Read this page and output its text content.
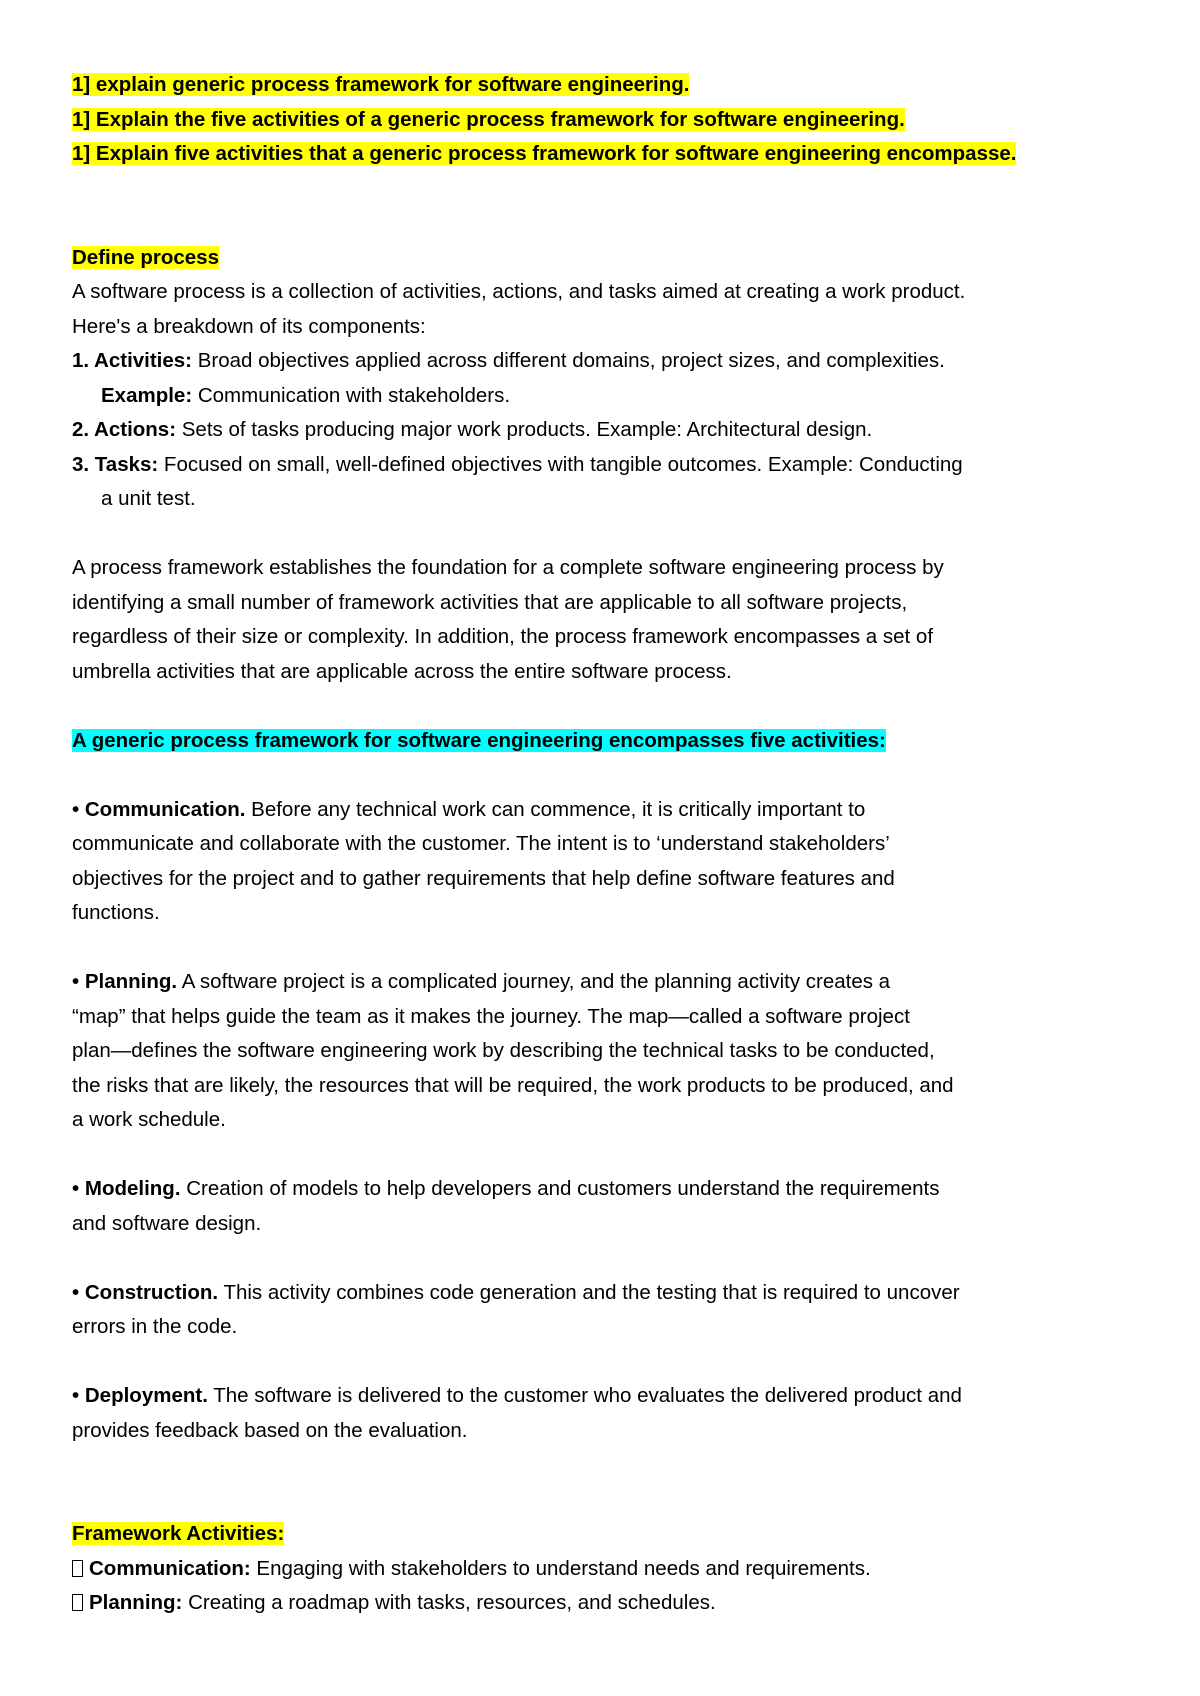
1] explain generic process framework for software engineering.
1] Explain the five activities of a generic process framework for software engineering.
1] Explain five activities that a generic process framework for software engineering encompasse.
Define process
A software process is a collection of activities, actions, and tasks aimed at creating a work product.
Here's a breakdown of its components:
1. Activities: Broad objectives applied across different domains, project sizes, and complexities.
Example: Communication with stakeholders.
2. Actions: Sets of tasks producing major work products. Example: Architectural design.
3. Tasks: Focused on small, well-defined objectives with tangible outcomes. Example: Conducting
a unit test.
A process framework establishes the foundation for a complete software engineering process by
identifying a small number of framework activities that are applicable to all software projects,
regardless of their size or complexity. In addition, the process framework encompasses a set of
umbrella activities that are applicable across the entire software process.
A generic process framework for software engineering encompasses five activities:
• Communication. Before any technical work can commence, it is critically important to
communicate and collaborate with the customer. The intent is to ‘understand stakeholders’
objectives for the project and to gather requirements that help define software features and
functions.
• Planning. A software project is a complicated journey, and the planning activity creates a
“map” that helps guide the team as it makes the journey. The map—called a software project
plan—defines the software engineering work by describing the technical tasks to be conducted,
the risks that are likely, the resources that will be required, the work products to be produced, and
a work schedule.
• Modeling. Creation of models to help developers and customers understand the requirements
and software design.
• Construction. This activity combines code generation and the testing that is required to uncover
errors in the code.
• Deployment. The software is delivered to the customer who evaluates the delivered product and
provides feedback based on the evaluation.
Framework Activities:
Communication: Engaging with stakeholders to understand needs and requirements.
Planning: Creating a roadmap with tasks, resources, and schedules.
